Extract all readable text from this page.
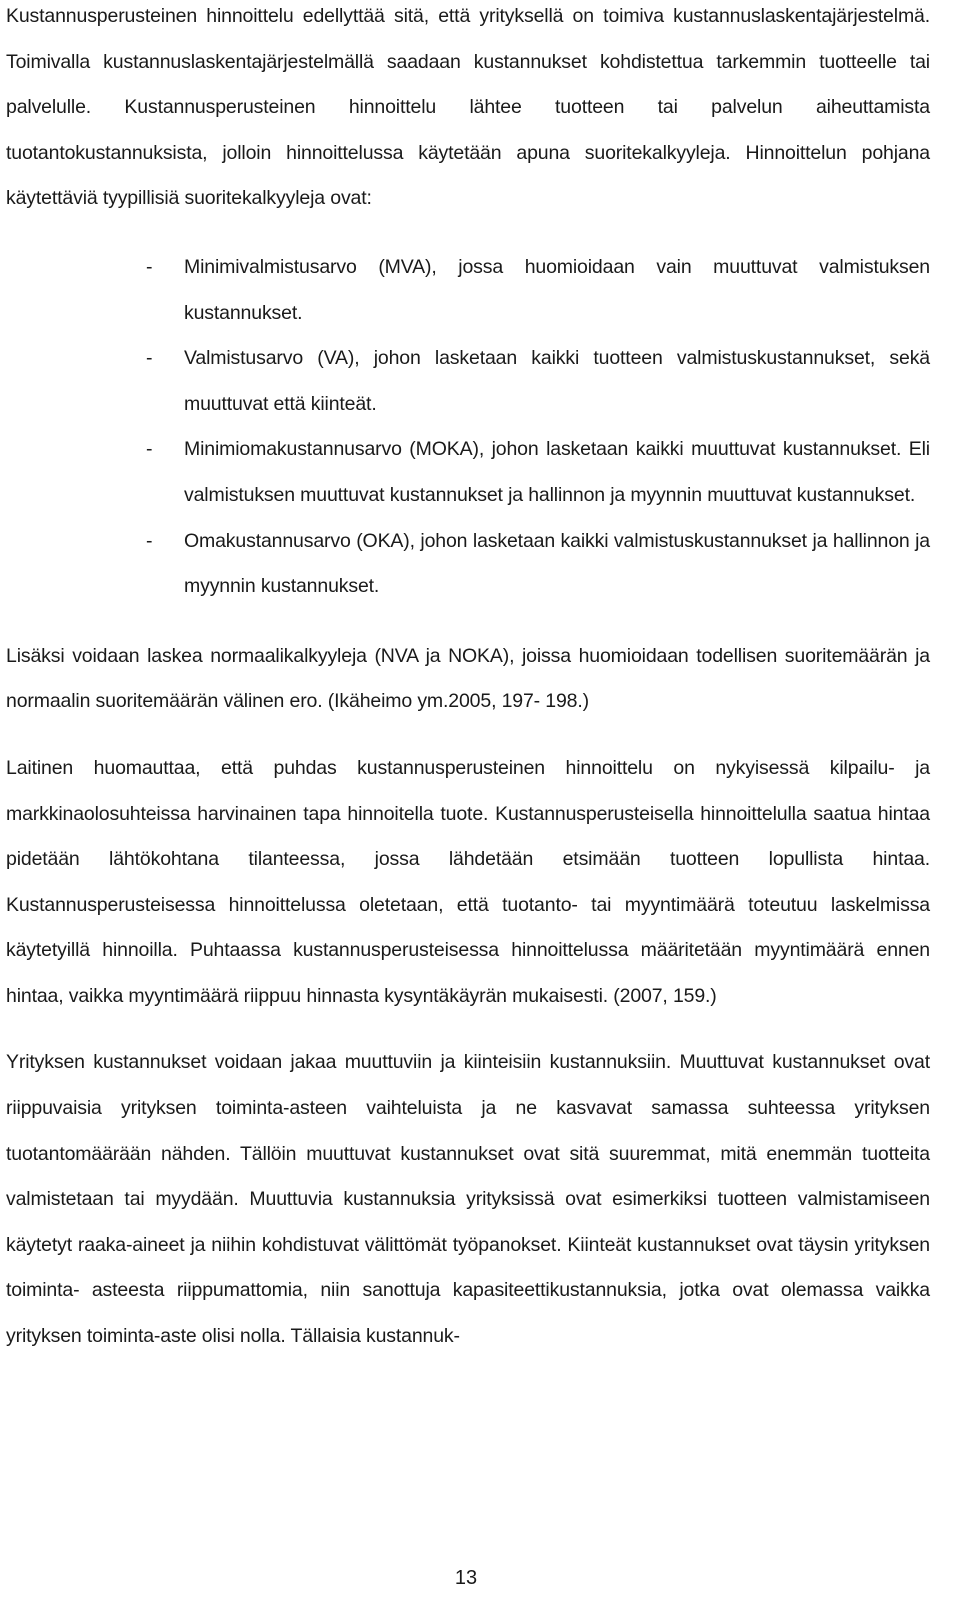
Kustannusperusteinen hinnoittelu edellyttää sitä, että yrityksellä on toimiva kustannuslaskentajärjestelmä. Toimivalla kustannuslaskentajärjestelmällä saadaan kustannukset kohdistettua tarkemmin tuotteelle tai palvelulle. Kustannusperusteinen hinnoittelu lähtee tuotteen tai palvelun aiheuttamista tuotantokustannuksista, jolloin hinnoittelussa käytetään apuna suoritekalkyyleja. Hinnoittelun pohjana käytettäviä tyypillisiä suoritekalkyyleja ovat:

- Minimivalmistusarvo (MVA), jossa huomioidaan vain muuttuvat valmistuksen kustannukset.
- Valmistusarvo (VA), johon lasketaan kaikki tuotteen valmistuskustannukset, sekä muuttuvat että kiinteät.
- Minimiomakustannusarvo (MOKA), johon lasketaan kaikki muuttuvat kustannukset. Eli valmistuksen muuttuvat kustannukset ja hallinnon ja myynnin muuttuvat kustannukset.
- Omakustannusarvo (OKA), johon lasketaan kaikki valmistuskustannukset ja hallinnon ja myynnin kustannukset.

Lisäksi voidaan laskea normaalikalkyyleja (NVA ja NOKA), joissa huomioidaan todellisen suoritemäärän ja normaalin suoritemäärän välinen ero. (Ikäheimo ym.2005, 197- 198.)

Laitinen huomauttaa, että puhdas kustannusperusteinen hinnoittelu on nykyisessä kilpailu- ja markkinaolosuhteissa harvinainen tapa hinnoitella tuote. Kustannusperusteisella hinnoittelulla saatua hintaa pidetään lähtökohtana tilanteessa, jossa lähdetään etsimään tuotteen lopullista hintaa. Kustannusperusteisessa hinnoittelussa oletetaan, että tuotanto- tai myyntimäärä toteutuu laskelmissa käytetyillä hinnoilla. Puhtaassa kustannusperusteisessa hinnoittelussa määritetään myyntimäärä ennen hintaa, vaikka myyntimäärä riippuu hinnasta kysyntäkäyrän mukaisesti. (2007, 159.)

Yrityksen kustannukset voidaan jakaa muuttuviin ja kiinteisiin kustannuksiin. Muuttuvat kustannukset ovat riippuvaisia yrityksen toiminta-asteen vaihteluista ja ne kasvavat samassa suhteessa yrityksen tuotantomäärään nähden. Tällöin muuttuvat kustannukset ovat sitä suuremmat, mitä enemmän tuotteita valmistetaan tai myydään. Muuttuvia kustannuksia yrityksissä ovat esimerkiksi tuotteen valmistamiseen käytetyt raaka-aineet ja niihin kohdistuvat välittömät työpanokset. Kiinteät kustannukset ovat täysin yrityksen toiminta- asteesta riippumattomia, niin sanottuja kapasiteettikustannuksia, jotka ovat olemassa vaikka yrityksen toiminta-aste olisi nolla. Tällaisia kustannuk-

13
